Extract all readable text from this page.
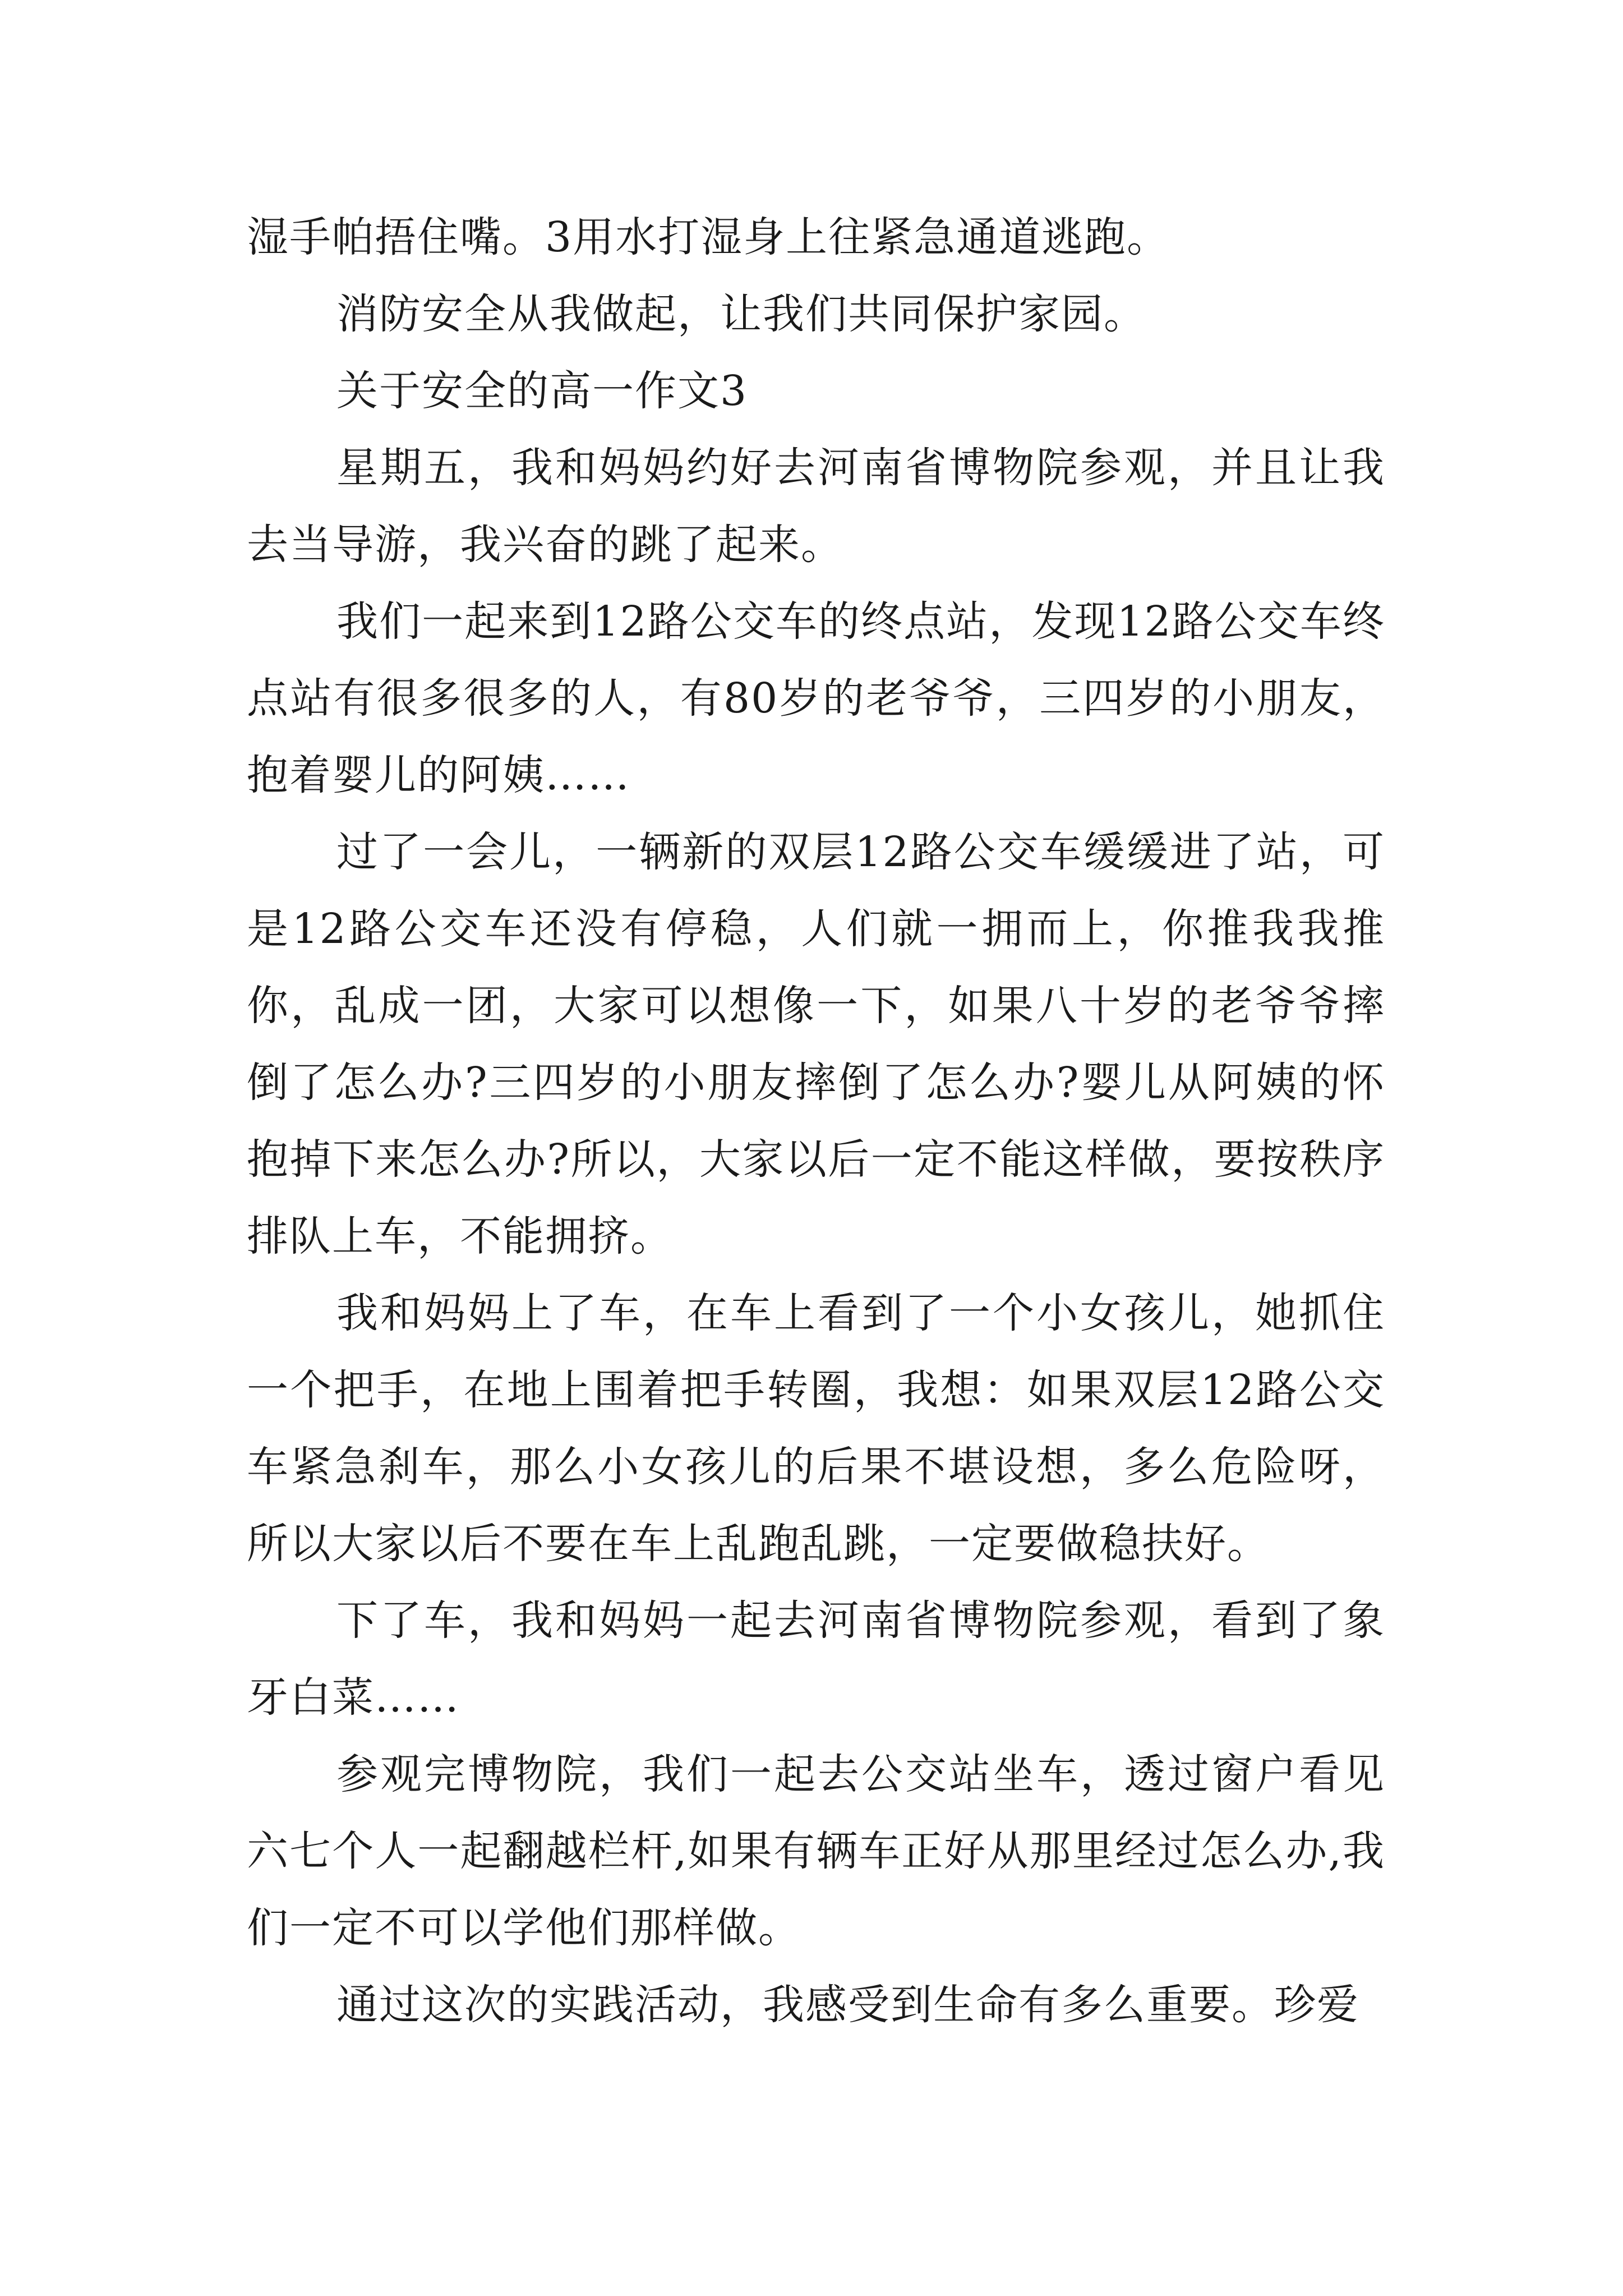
湿手帕捂住嘴。3用水打湿身上往紧急通道逃跑。

消防安全从我做起，让我们共同保护家园。

关于安全的高一作文3

星期五，我和妈妈约好去河南省博物院参观，并且让我去当导游，我兴奋的跳了起来。

我们一起来到12路公交车的终点站，发现12路公交车终点站有很多很多的人，有80岁的老爷爷，三四岁的小朋友，抱着婴儿的阿姨……

过了一会儿，一辆新的双层12路公交车缓缓进了站，可是12路公交车还没有停稳，人们就一拥而上，你推我我推你，乱成一团，大家可以想像一下，如果八十岁的老爷爷摔倒了怎么办?三四岁的小朋友摔倒了怎么办?婴儿从阿姨的怀抱掉下来怎么办?所以，大家以后一定不能这样做，要按秩序排队上车，不能拥挤。

我和妈妈上了车，在车上看到了一个小女孩儿，她抓住一个把手，在地上围着把手转圈，我想：如果双层12路公交车紧急刹车，那么小女孩儿的后果不堪设想，多么危险呀，所以大家以后不要在车上乱跑乱跳，一定要做稳扶好。

下了车，我和妈妈一起去河南省博物院参观，看到了象牙白菜……

参观完博物院，我们一起去公交站坐车，透过窗户看见六七个人一起翻越栏杆,如果有辆车正好从那里经过怎么办,我们一定不可以学他们那样做。

通过这次的实践活动，我感受到生命有多么重要。珍爱
